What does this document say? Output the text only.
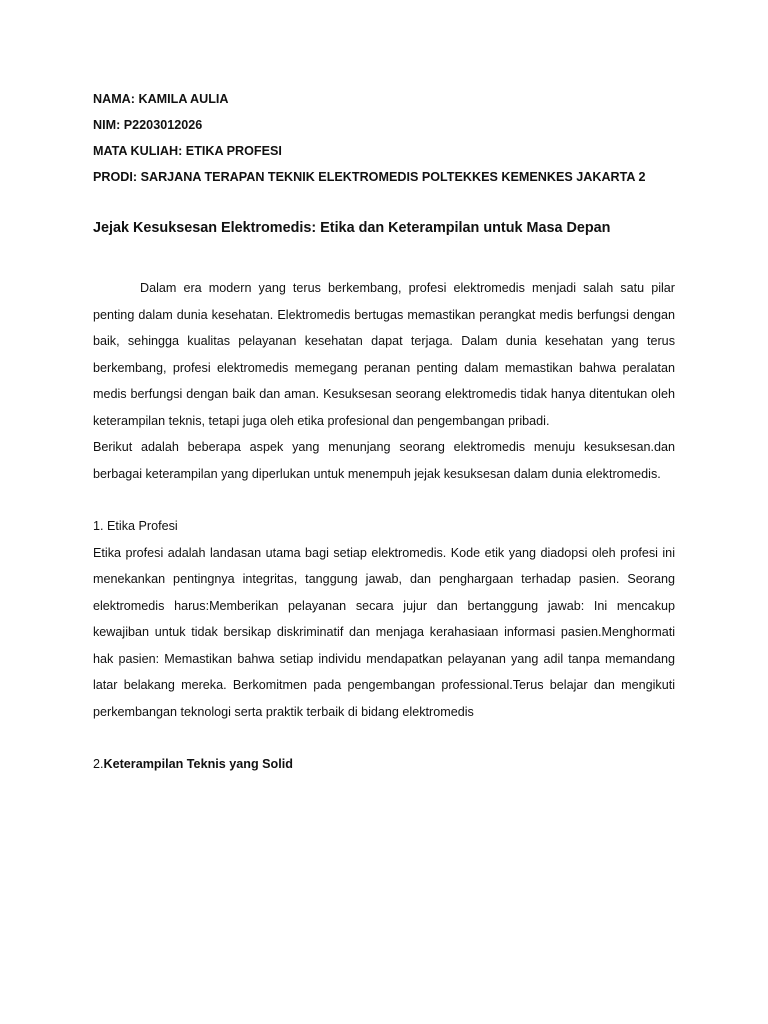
NAMA: KAMILA AULIA
NIM: P2203012026
MATA KULIAH: ETIKA PROFESI
PRODI: SARJANA TERAPAN TEKNIK ELEKTROMEDIS POLTEKKES KEMENKES JAKARTA 2
Jejak Kesuksesan Elektromedis: Etika dan Keterampilan untuk Masa Depan

Dalam era modern yang terus berkembang, profesi elektromedis menjadi salah satu pilar penting dalam dunia kesehatan. Elektromedis bertugas memastikan perangkat medis berfungsi dengan baik, sehingga kualitas pelayanan kesehatan dapat terjaga. Dalam dunia kesehatan yang terus berkembang, profesi elektromedis memegang peranan penting dalam memastikan bahwa peralatan medis berfungsi dengan baik dan aman. Kesuksesan seorang elektromedis tidak hanya ditentukan oleh keterampilan teknis, tetapi juga oleh etika profesional dan pengembangan pribadi.

Berikut adalah beberapa aspek yang menunjang seorang elektromedis menuju kesuksesan.dan berbagai keterampilan yang diperlukan untuk menempuh jejak kesuksesan dalam dunia elektromedis.

1. Etika Profesi

Etika profesi adalah landasan utama bagi setiap elektromedis. Kode etik yang diadopsi oleh profesi ini menekankan pentingnya integritas, tanggung jawab, dan penghargaan terhadap pasien. Seorang elektromedis harus:Memberikan pelayanan secara jujur dan bertanggung jawab: Ini mencakup kewajiban untuk tidak bersikap diskriminatif dan menjaga kerahasiaan informasi pasien.Menghormati hak pasien: Memastikan bahwa setiap individu mendapatkan pelayanan yang adil tanpa memandang latar belakang mereka. Berkomitmen pada pengembangan professional.Terus belajar dan mengikuti perkembangan teknologi serta praktik terbaik di bidang elektromedis

2.Keterampilan Teknis yang Solid
